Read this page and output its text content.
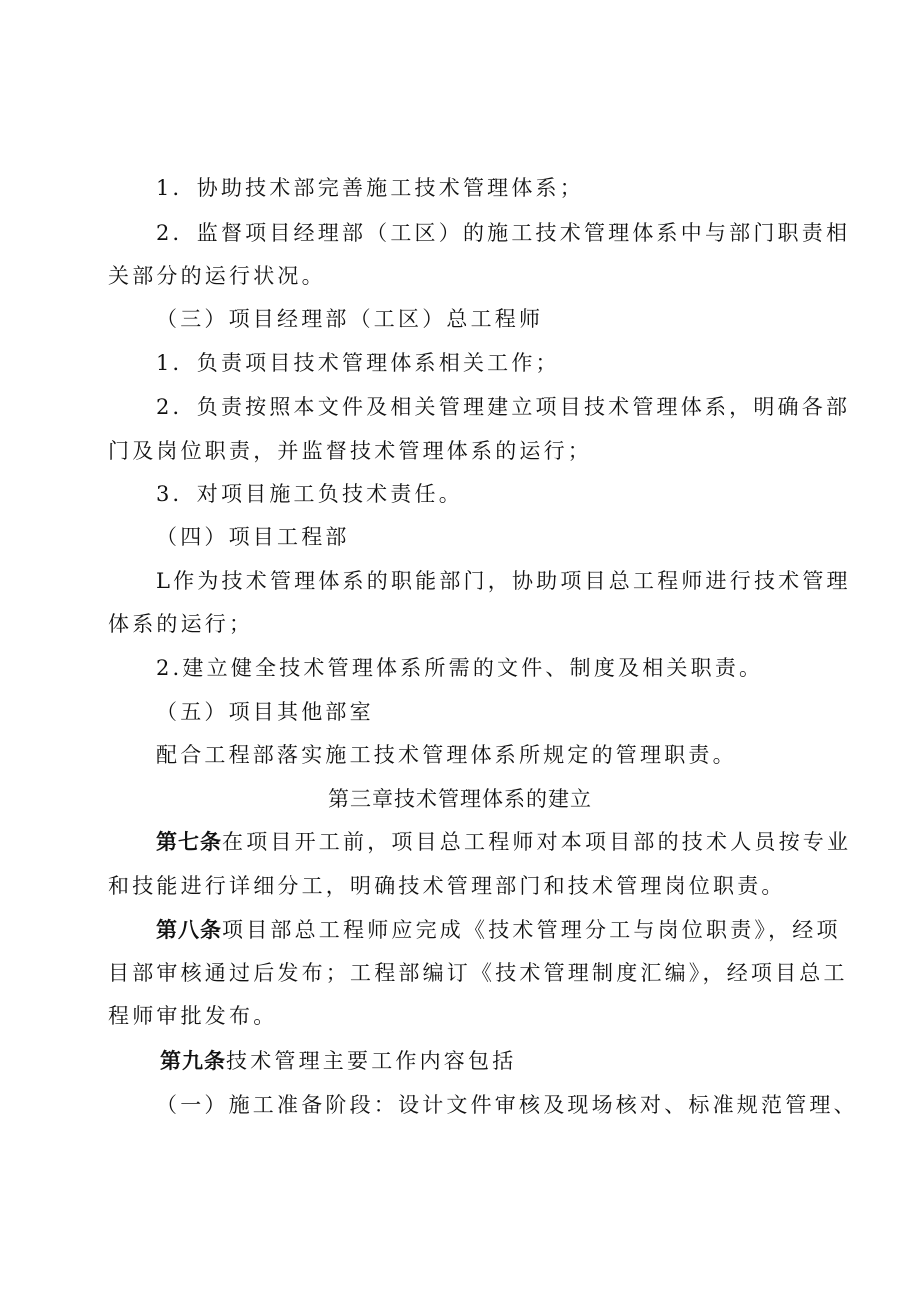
1．协助技术部完善施工技术管理体系；
2．监督项目经理部（工区）的施工技术管理体系中与部门职责相
关部分的运行状况。
（三）项目经理部（工区）总工程师
1．负责项目技术管理体系相关工作；
2．负责按照本文件及相关管理建立项目技术管理体系，明确各部
门及岗位职责，并监督技术管理体系的运行；
3．对项目施工负技术责任。
（四）项目工程部
L作为技术管理体系的职能部门，协助项目总工程师进行技术管理
体系的运行；
2.建立健全技术管理体系所需的文件、制度及相关职责。
（五）项目其他部室
配合工程部落实施工技术管理体系所规定的管理职责。
第三章技术管理体系的建立
第七条在项目开工前，项目总工程师对本项目部的技术人员按专业
和技能进行详细分工，明确技术管理部门和技术管理岗位职责。
第八条项目部总工程师应完成《技术管理分工与岗位职责》，经项
目部审核通过后发布；工程部编订《技术管理制度汇编》，经项目总工
程师审批发布。
第九条技术管理主要工作内容包括
（一）施工准备阶段：设计文件审核及现场核对、标准规范管理、
